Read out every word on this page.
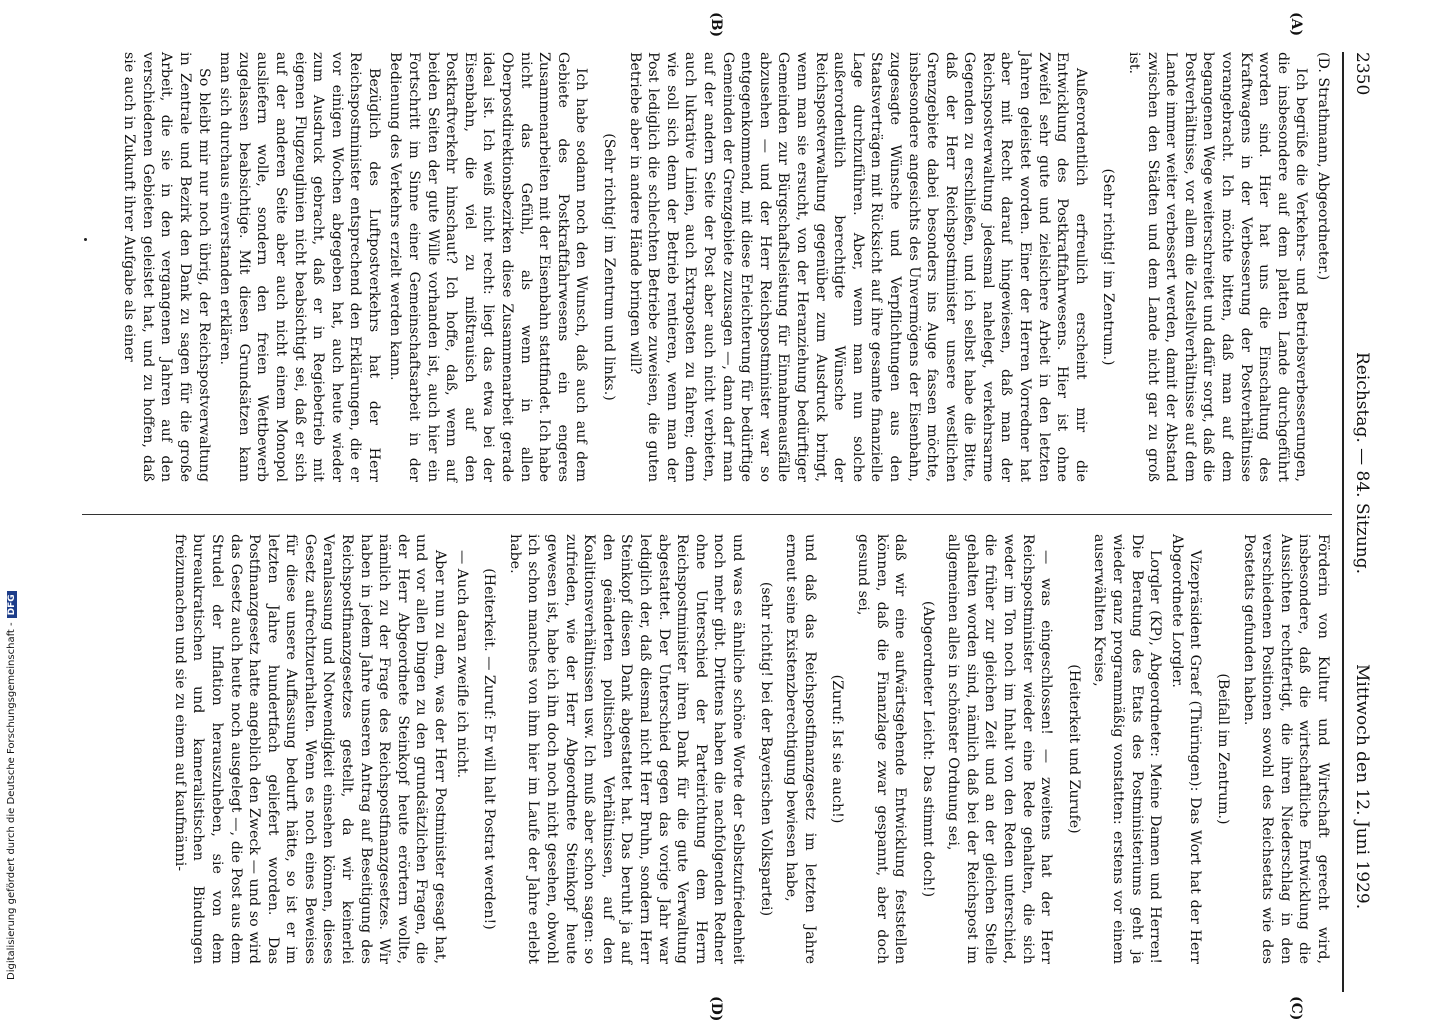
2350
Reichstag. — 84. Sitzung.
Mittwoch den 12. Juni 1929.
(A)
(B)
(C)
(D)

(D. Strathmann, Abgeordneter.)

Ich begrüße die Verkehrs- und Betriebsverbesserungen, die insbesondere auf dem platten Lande durchgeführt worden sind. Hier hat uns die Einschaltung des Kraftwagens in der Verbesserung der Postverhältnisse vorangebracht. Ich möchte bitten, daß man auf dem begangenen Wege weiterschreitet und dafür sorgt, daß die Postverhältnisse, vor allem die Zustellverhältnisse auf dem Lande immer weiter verbessert werden, damit der Abstand zwischen den Städten und dem Lande nicht gar zu groß ist.

(Sehr richtig! im Zentrum.)

Außerordentlich erfreulich erscheint mir die Entwicklung des Postkraftfahrwesens. Hier ist ohne Zweifel sehr gute und zielsichere Arbeit in den letzten Jahren geleistet worden. Einer der Herren Vorredner hat aber mit Recht darauf hingewiesen, daß man der Reichspostverwaltung jedesmal nahelegt, verkehrsarme Gegenden zu erschließen, und ich selbst habe die Bitte, daß der Herr Reichspostminister unsere westlichen Grenzgebiete dabei besonders ins Auge fassen möchte, insbesondere angesichts des Unvermögens der Eisenbahn, zugesagte Wünsche und Verpflichtungen aus den Staatsverträgen mit Rücksicht auf ihre gesamte finanzielle Lage durchzuführen. Aber, wenn man nun solche außerordentlich berechtigte Wünsche der Reichspostverwaltung gegenüber zum Ausdruck bringt, wenn man sie ersucht, von der Heranziehung bedürftiger Gemeinden zur Bürgschaftsleistung für Einnahmeausfälle abzusehen — und der Herr Reichspostminister war so entgegenkommend, mit diese Erleichterung für bedürftige Gemeinden der Grenzgebiete zuzusagen —, dann darf man auf der andern Seite der Post aber auch nicht verbieten, auch lukrative Linien, auch Extraposten zu fahren; denn wie soll sich denn der Betrieb rentieren, wenn man der Post lediglich die schlechten Betriebe zuweisen, die guten Betriebe aber in andere Hände bringen will?

(Sehr richtig! im Zentrum und links.)

Ich habe sodann noch den Wunsch, daß auch auf dem Gebiete des Postkraftfahrwesens ein engeres Zusammenarbeiten mit der Eisenbahn stattfindet. Ich habe nicht das Gefühl, als wenn in allen Oberpostdirektionsbezirken diese Zusammenarbeit gerade ideal ist. Ich weiß nicht recht: liegt das etwa bei der Eisenbahn, die viel zu mißtrauisch auf den Postkraftverkehr hinschaut? Ich hoffe, daß, wenn auf beiden Seiten der gute Wille vorhanden ist, auch hier ein Fortschritt im Sinne einer Gemeinschaftsarbeit in der Bedienung des Verkehrs erzielt werden kann.

Bezüglich des Luftpostverkehrs hat der Herr Reichspostminister entsprechend den Erklärungen, die er vor einigen Wochen abgegeben hat, auch heute wieder zum Ausdruck gebracht, daß er in Regiebetrieb mit eigenen Flugzeuglinien nicht beabsichtigt sei, daß er sich auf der anderen Seite aber auch nicht einem Monopol ausliefern wolle, sondern den freien Wettbewerb zugelassen beabsichtige. Mit diesen Grundsätzen kann man sich durchaus einverstanden erklären.

So bleibt mir nur noch übrig, der Reichspostverwaltung in Zentrale und Bezirk den Dank zu sagen für die große Arbeit, die sie in den vergangenen Jahren auf den verschiedenen Gebieten geleistet hat, und zu hoffen, daß sie auch in Zukunft ihrer Aufgabe als einer

Förderin von Kultur und Wirtschaft gerecht wird, insbesondere, daß die wirtschaftliche Entwicklung die Aussichten rechtfertigt, die ihren Niederschlag in den verschiedenen Positionen sowohl des Reichsetats wie des Postetats gefunden haben.

(Beifall im Zentrum.)

Vizepräsident Graef (Thüringen): Das Wort hat der Herr Abgeordnete Lorgler.

Lorgler (KP), Abgeordneter: Meine Damen und Herren! Die Beratung des Etats des Postministeriums geht ja wieder ganz programmäßig vonstatten: erstens vor einem auserwählten Kreise,

(Heiterkeit und Zurufe)

— was eingeschlossen! — zweitens hat der Herr Reichspostminister wieder eine Rede gehalten, die sich weder im Ton noch im Inhalt von den Reden unterschied, die früher zur gleichen Zeit und an der gleichen Stelle gehalten worden sind, nämlich daß bei der Reichspost im allgemeinen alles in schönster Ordnung sei,

(Abgeordneter Leicht: Das stimmt doch!)

daß wir eine aufwärtsgehende Entwicklung feststellen können, daß die Finanzlage zwar gespannt, aber doch gesund sei,

(Zuruf: Ist sie auch!)

und daß das Reichspostfinanzgesetz im letzten Jahre erneut seine Existenzberechtigung bewiesen habe,

(sehr richtig! bei der Bayerischen Volkspartei)

und was es ähnliche schöne Worte der Selbstzufriedenheit noch mehr gibt. Drittens haben die nachfolgenden Redner ohne Unterschied der Parteirichtung dem Herrn Reichspostminister ihren Dank für die gute Verwaltung abgestattet. Der Unterschied gegen das vorige Jahr war lediglich der, daß diesmal nicht Herr Bruhn, sondern Herr Steinkopf diesen Dank abgestattet hat. Das beruht ja auf den geänderten politischen Verhältnissen, auf den Koalitionsverhältnissen usw. Ich muß aber schon sagen: so zufrieden, wie der Herr Abgeordnete Steinkopf heute gewesen ist, habe ich ihn doch noch nicht gesehen, obwohl ich schon manches von ihm hier im Laufe der Jahre erlebt habe.

(Heiterkeit. — Zuruf: Er will halt Postrat werden!)

— Auch daran zweifle ich nicht.

Aber nun zu dem, was der Herr Postminister gesagt hat, und vor allen Dingen zu den grundsätzlichen Fragen, die der Herr Abgeordnete Steinkopf heute erörtern wollte, nämlich zu der Frage des Reichspostfinanzgesetzes. Wir haben in jedem Jahre unseren Antrag auf Beseitigung des Reichspostfinanzgesetzes gestellt, da wir keinerlei Veranlassung und Notwendigkeit einsehen können, dieses Gesetz aufrechtzuerhalten. Wenn es noch eines Beweises für diese unsere Auffassung bedurft hätte, so ist er im letzten Jahre hundertfach geliefert worden. Das Postfinanzgesetz hatte angeblich den Zweck — und so wird das Gesetz auch heute noch ausgelegt —, die Post aus dem Strudel der Inflation herauszuheben, sie von dem bureaukratischen und kameralistischen Bindungen freizumachen und sie zu einem auf kaufmänni-

Digitalisierung gefördert durch die Deutsche Forschungsgemeinschaft -DFG
